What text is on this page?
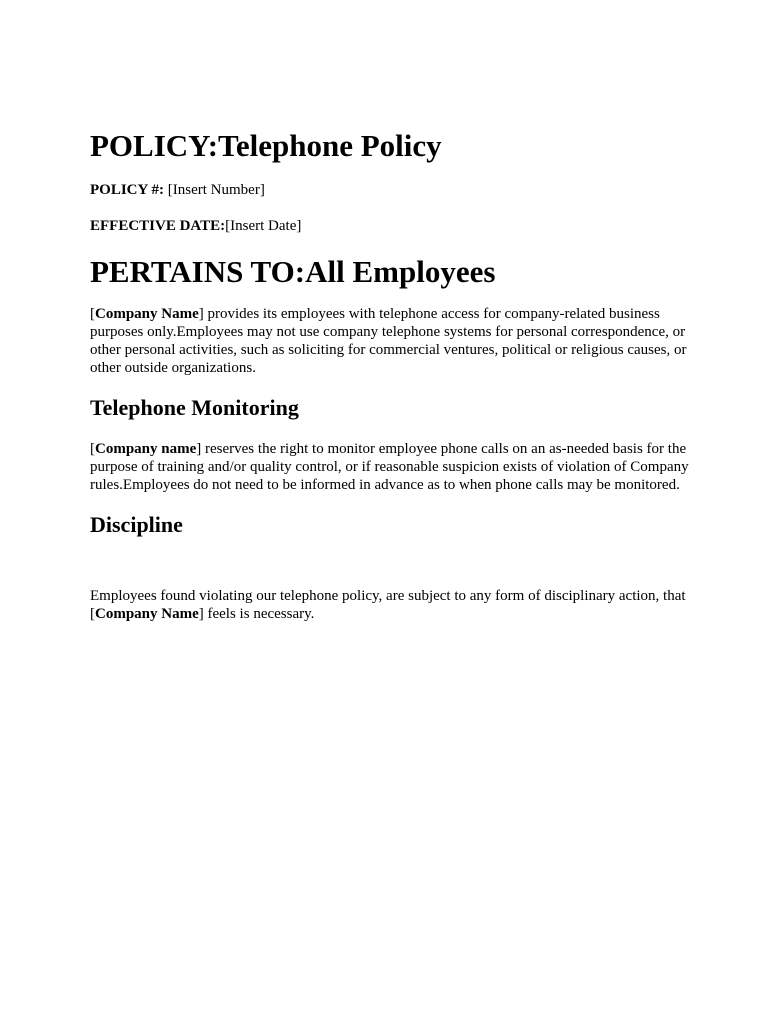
POLICY:Telephone Policy
POLICY #: [Insert Number]
EFFECTIVE DATE:[Insert Date]
PERTAINS TO:All Employees

[Company Name] provides its employees with telephone access for company-related business purposes only.Employees may not use company telephone systems for personal correspondence, or other personal activities, such as soliciting for commercial ventures, political or religious causes, or other outside organizations.

Telephone Monitoring

[Company name] reserves the right to monitor employee phone calls on an as-needed basis for the purpose of training and/or quality control, or if reasonable suspicion exists of violation of Company rules.Employees do not need to be informed in advance as to when phone calls may be monitored.

Discipline

Employees found violating our telephone policy, are subject to any form of disciplinary action, that [Company Name] feels is necessary.
